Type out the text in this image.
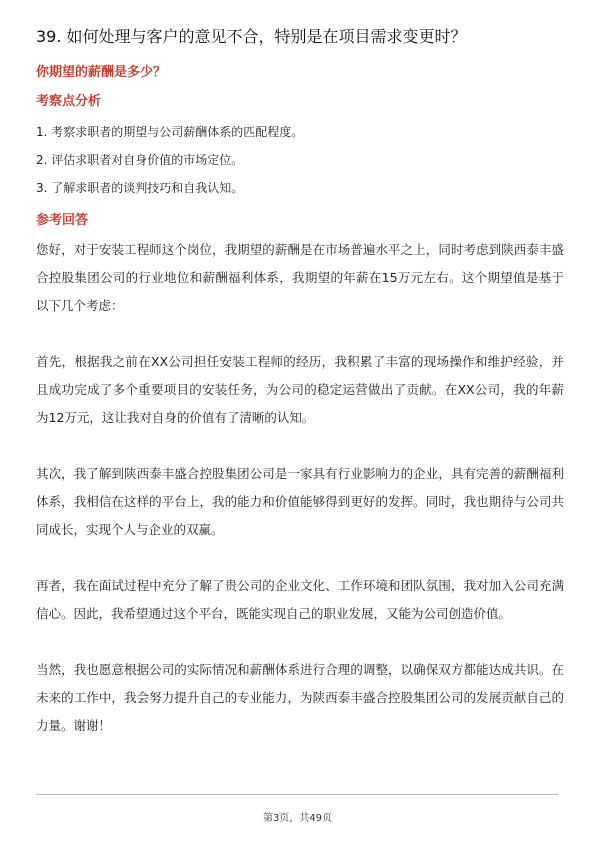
39. 如何处理与客户的意见不合，特别是在项目需求变更时？
你期望的薪酬是多少？
考察点分析
1. 考察求职者的期望与公司薪酬体系的匹配程度。
2. 评估求职者对自身价值的市场定位。
3. 了解求职者的谈判技巧和自我认知。
参考回答

您好，对于安装工程师这个岗位，我期望的薪酬是在市场普遍水平之上，同时考虑到陕西泰丰盛合控股集团公司的行业地位和薪酬福利体系，我期望的年薪在15万元左右。这个期望值是基于以下几个考虑：

首先，根据我之前在XX公司担任安装工程师的经历，我积累了丰富的现场操作和维护经验，并且成功完成了多个重要项目的安装任务，为公司的稳定运营做出了贡献。在XX公司，我的年薪为12万元，这让我对自身的价值有了清晰的认知。

其次，我了解到陕西泰丰盛合控股集团公司是一家具有行业影响力的企业，具有完善的薪酬福利体系，我相信在这样的平台上，我的能力和价值能够得到更好的发挥。同时，我也期待与公司共同成长，实现个人与企业的双赢。

再者，我在面试过程中充分了解了贵公司的企业文化、工作环境和团队氛围，我对加入公司充满信心。因此，我希望通过这个平台，既能实现自己的职业发展，又能为公司创造价值。

当然，我也愿意根据公司的实际情况和薪酬体系进行合理的调整，以确保双方都能达成共识。在未来的工作中，我会努力提升自己的专业能力，为陕西泰丰盛合控股集团公司的发展贡献自己的力量。谢谢！

第3页，共49页
